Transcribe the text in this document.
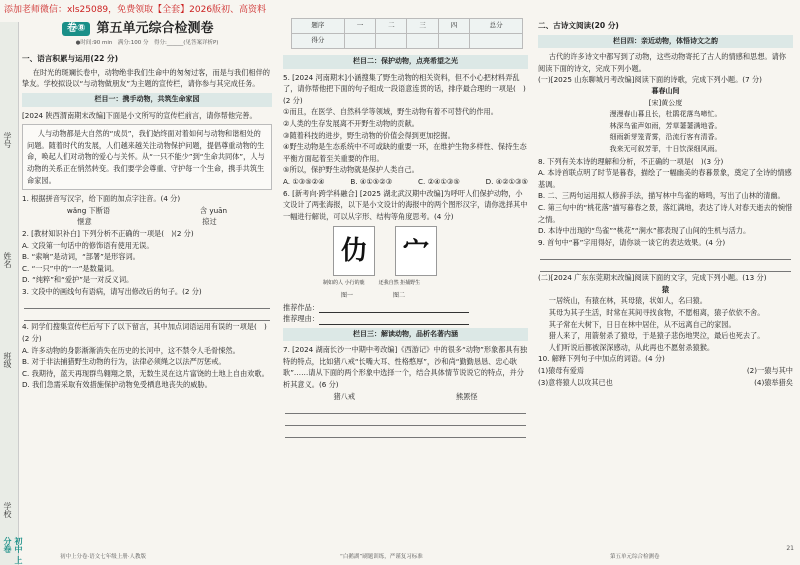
添加老师微信：xls25089，免费领取【全套】2026版初、高资料
学号
姓名
班级
学校
初中 上分卷
卷⑧ 第五单元综合检测卷
●时间:90 min　满分:100 分　得分:______(见答案详析P)
一、语言积累与运用(22 分)

在时光的斑斓长卷中，动物绝非我们生命中的匆匆过客，而是与我们相伴的挚友。学校拟设以“与动物做朋友”为主题的宣传栏，请你参与其完成任务。

栏目一：携手动物，共筑生命家园

[2024 陕西渭南期末改编]下面是小文所写的宣传栏前言，请你帮他完善。

人与动物都是大自然的“成员”，我们始终面对着如何与动物和谐相处的问题。随着时代的发展，人们越来越关注动物保护问题，提倡尊重动物的生命，唤起人们对动物的爱心与关怀。从“一只不能少”到“生命共同体”，人与动物的关系正在悄然转变。我们要学会尊重、守护每一个生命，携手共筑生命家园。

1. 根据拼音写汉字，给下面的加点字注音。(4 分)

wǎng 下断语	含 yuān

惬意	掠过

2. [教材知识补白] 下列分析不正确的一项是(　)(2 分)

A. 文段第一句话中的修饰语有使用无误。

B. “索响”是动词，“部署”是形容词。

C. “一只”中的“一”是数量词。

D. “纯粹”和“爱护”是一对反义词。

3. 文段中的画线句有语病，请写出修改后的句子。(2 分)

4. 同学们搜集宣传栏后写下了以下留言，其中加点词语运用有误的一项是(　)(2 分)

A. 许多动物的身影渐渐消失在历史的长河中，这不禁令人毛骨悚然。

B. 对于非法捕猎野生动物的行为，法律必须绳之以法严厉惩戒。

C. 我期待，蓝天再现群鸟翱翔之景，无数生灵在这片富饶的土地上自由欢歌。

D. 我们急需采取有效措施保护动物免受栖息地丧失的威胁。

题序	一	二	三	四	总分
得分					
栏目二：保护动物，点亮希望之光

5. [2024 河南期末]小涵搜集了野生动物的相关资料，但不小心把材料弄乱了，请你帮他把下面的句子组成一段语意连贯的话，排序最合理的一项是(　)(2 分)

①而且，在医学、自然科学等领域，野生动物有着不可替代的作用。

②人类的生存发展离不开野生动物的贡献。

③随着科技的进步，野生动物的价值会得到更加挖掘。

④野生动物是生态系统中不可或缺的重要一环，在维护生物多样性、保持生态平衡方面起着至关重要的作用。

⑤所以，保护野生动物就是保护人类自己。

A. ①③⑤②④	B. ④①⑤②③	C. ②④①③⑤	D. ④②①③⑤

6. [新考向·跨学科融合] [2025 湖北武汉期中改编]为呼吁人们保护动物，小文设计了两张海报，以下是小文设计的海报中的两个图形汉字，请你选择其中一幅进行解说，可以从字形、结构等角度思考。(4 分)

仂 宀
制如的人 小行的鹿	还我自然 拒捕野生
图一	图二

推荐作品：

推荐理由：

栏目三：解读动物，品析名著内涵

7. [2024 湖南长沙一中期中考改编]《西游记》中的很多“动物”形象都具有独特的特点，比如猪八戒“长嘴大耳、性格憨厚”，沙和尚“勤勤恳恳、忠心耿耿”……请从下面的两个形象中选择一个，结合具体情节说说它的特点，并分析其意义。(6 分)

猪八戒	熊罴怪

二、古诗文阅读(20 分)
栏目四：亲近动物，体悟诗文之韵

古代的许多诗文中都写到了动物，这些动物寄托了古人的情感和思想。请你阅读下面的诗文，完成下列小题。

(一)[2025 山东聊城月考改编]阅读下面的诗歌，完成下列小题。(7 分)

暮春山间

[宋]黄公度

漫漫春山暮且长，杜鹃花落鸟啼忙。

林深鸟雀声如雨，芳草萋萋满地香。

细雨新芽笼青雾，沿流行客有清香。

我来无可叙芳菲，十日饮深细风雨。

8. 下列有关本诗的理解和分析，不正确的一项是(　)(3 分)

A. 本诗首联点明了时节是暮春，描绘了一幅幽美的春暮景象，奠定了全诗的情感基调。

B. 二、三两句运用拟人修辞手法，描写林中鸟雀的啼鸣，写出了山林的清幽。

C. 第三句中的“桃花落”描写暮春之景，落红满地，表达了诗人对春天逝去的惋惜之情。

D. 本诗中出现的“鸟雀”“桃花”“涧水”都表现了山间的生机与活力。

9. 首句中“暮”字用得好，请你谈一谈它的表达效果。(4 分)

(二)[2024 广东东莞期末改编]阅读下面的文字，完成下列小题。(13 分)

猿

一居统山，有猿在林，其母猿，状如人，名曰猿。

其母为其子生活，时常在其间寻找食物，不愿相离，猿子依依不舍。

其子常在大树下，日日在林中居住，从不远离自己的家园。

猎人来了，用箭射杀了猿母，于是猿子悲伤地哭泣，最后也死去了。

人们听说后都被深深感动，从此再也不愿射杀猿猴。

10. 解释下列句子中加点的词语。(4 分)

(1)猿母有爱焉	(2)一猿与其中

(3)意将猿人以攻其已也	(4)猿举猎矣

初中上分卷·语文七年级上册·人教版	“白鹅湖”刷题训练，严谨复习标准	第五单元综合检测卷
21
